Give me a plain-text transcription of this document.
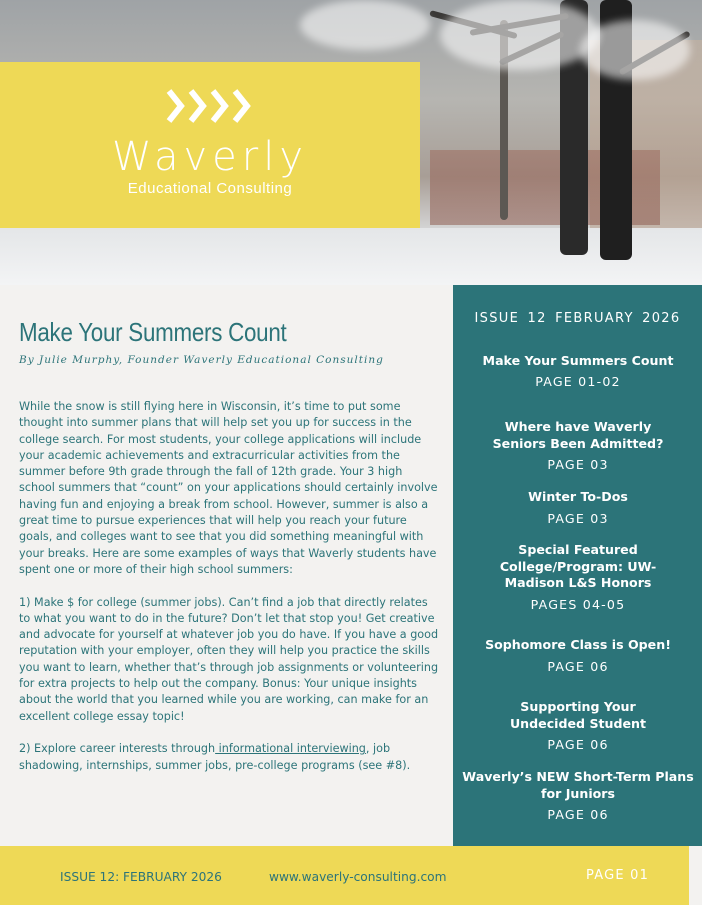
Waverly
Educational Consulting
Make Your Summers Count
By Julie Murphy, Founder Waverly Educational Consulting

While the snow is still flying here in Wisconsin, it’s time to put some thought into summer plans that will help set you up for success in the college search. For most students, your college applications will include your academic achievements and extracurricular activities from the summer before 9th grade through the fall of 12th grade. Your 3 high school summers that “count” on your applications should certainly involve having fun and enjoying a break from school. However, summer is also a great time to pursue experiences that will help you reach your future goals, and colleges want to see that you did something meaningful with your breaks. Here are some examples of ways that Waverly students have spent one or more of their high school summers:

1) Make $ for college (summer jobs). Can’t find a job that directly relates to what you want to do in the future? Don’t let that stop you! Get creative and advocate for yourself at whatever job you do have. If you have a good reputation with your employer, often they will help you practice the skills you want to learn, whether that’s through job assignments or volunteering for extra projects to help out the company. Bonus: Your unique insights about the world that you learned while you are working, can make for an excellent college essay topic!

2) Explore career interests through informational interviewing, job shadowing, internships, summer jobs, pre-college programs (see #8).

ISSUE 12 FEBRUARY 2026
Make Your Summers Count
PAGE 01-02
Where have Waverly Seniors Been Admitted?
PAGE 03
Winter To-Dos
PAGE 03
Special Featured College/Program: UW-Madison L&S Honors
PAGES 04-05
Sophomore Class is Open!
PAGE 06
Supporting Your Undecided Student
PAGE 06
Waverly’s NEW Short-Term Plans for Juniors
PAGE 06
ISSUE 12: FEBRUARY 2026	www.waverly-consulting.com	PAGE 01
